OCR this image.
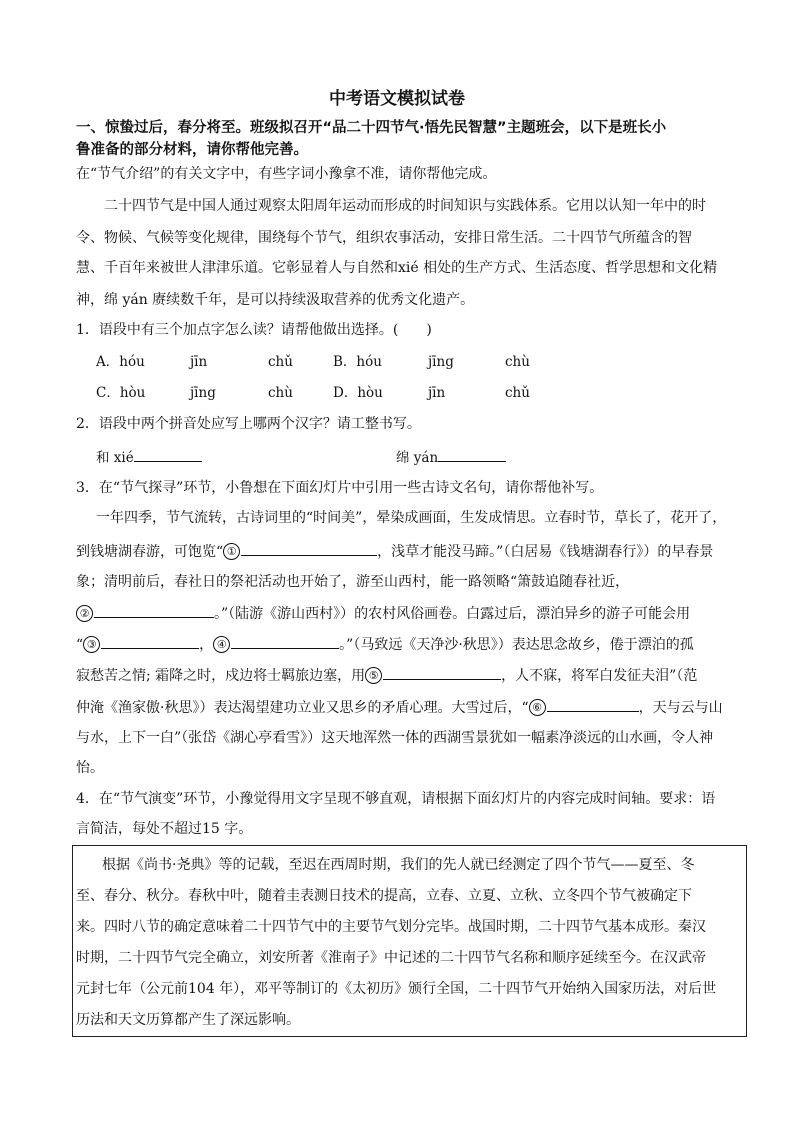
中考语文模拟试卷
一、惊蛰过后，春分将至。班级拟召开“品二十四节气·悟先民智慧”主题班会，以下是班长小
鲁准备的部分材料，请你帮他完善。
在“节气介绍”的有关文字中，有些字词小豫拿不准，请你帮他完成。
二十四节气是中国人通过观察太阳周年运动而形成的时间知识与实践体系。它用以认知一年中的时
令、物候、气候等变化规律，围绕每个节气，组织农事活动，安排日常生活。二十四节气所蕴含的智
慧、千百年来被世人津津乐道。它彰显着人与自然和xié 相处的生产方式、生活态度、哲学思想和文化精
神，绵 yán 赓续数千年，是可以持续汲取营养的优秀文化遗产。
1．语段中有三个加点字怎么读？请帮他做出选择。(　　)
A．hóu	jīn	chǔ	B．hóu	jīng	chù
C．hòu	jīng	chù	D．hòu	jīn	chǔ
2．语段中两个拼音处应写上哪两个汉字？请工整书写。
和 xié	绵 yán
3．在“节气探寻”环节，小鲁想在下面幻灯片中引用一些古诗文名句，请你帮他补写。
一年四季，节气流转，古诗词里的“时间美”，晕染成画面，生发成情思。立春时节，草长了，花开了，
到钱塘湖春游，可饱览“ ①	，浅草才能没马蹄。”（白居易《钱塘湖春行》）的早春景
象；清明前后，春社日的祭祀活动也开始了，游至山西村，能一路领略“箫鼓追随春社近，
②	。”（陆游《游山西村》）的农村风俗画卷。白露过后，漂泊异乡的游子可能会用
“ ③	， ④	。”（马致远《天净沙·秋思》）表达思念故乡，倦于漂泊的孤
寂愁苦之情; 霜降之时，戍边将士羁旅边塞，用 ⑤	，人不寐，将军白发征夫泪”（范
仲淹《渔家傲·秋思》）表达渴望建功立业又思乡的矛盾心理。大雪过后，“ ⑥	，天与云与山
与水，上下一白”（张岱《湖心亭看雪》）这天地浑然一体的西湖雪景犹如一幅素净淡远的山水画，令人神
怡。
4．在“节气演变”环节，小豫觉得用文字呈现不够直观，请根据下面幻灯片的内容完成时间轴。要求：语
言简洁，每处不超过15 字。
根据《尚书·尧典》等的记载，至迟在西周时期，我们的先人就已经测定了四个节气——夏至、冬
至、春分、秋分。春秋中叶，随着圭表测日技术的提高，立春、立夏、立秋、立冬四个节气被确定下
来。四时八节的确定意味着二十四节气中的主要节气划分完毕。战国时期，二十四节气基本成形。秦汉
时期，二十四节气完全确立，刘安所著《淮南子》中记述的二十四节气名称和顺序延续至今。在汉武帝
元封七年（公元前104 年），邓平等制订的《太初历》颁行全国，二十四节气开始纳入国家历法，对后世
历法和天文历算都产生了深远影响。
